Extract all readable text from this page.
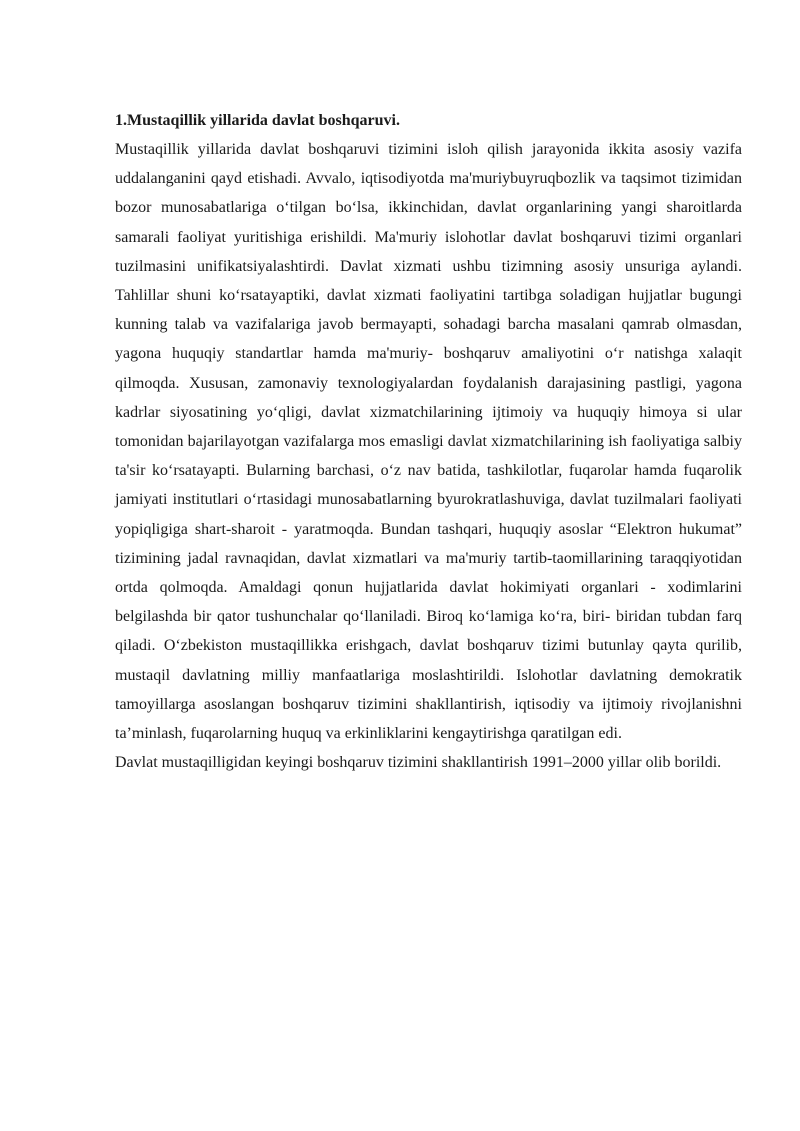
1.Mustaqillik yillarida davlat boshqaruvi.

Mustaqillik yillarida davlat boshqaruvi tizimini isloh qilish jarayonida ikkita asosiy vazifa uddalanganini qayd etishadi. Avvalo, iqtisodiyotda ma'muriybuyruqbozlik va taqsimot tizimidan bozor munosabatlariga oʻtilgan boʻlsa, ikkinchidan, davlat organlarining yangi sharoitlarda samarali faoliyat yuritishiga erishildi. Ma'muriy islohotlar davlat boshqaruvi tizimi organlari tuzilmasini unifikatsiyalashtirdi. Davlat xizmati ushbu tizimning asosiy unsuriga aylandi. Tahlillar shuni koʻrsatayaptiki, davlat xizmati faoliyatini tartibga soladigan hujjatlar bugungi kunning talab va vazifalariga javob bermayapti, sohadagi barcha masalani qamrab olmasdan, yagona huquqiy standartlar hamda ma'muriy- boshqaruv amaliyotini oʻr natishga xalaqit qilmoqda. Xususan, zamonaviy texnologiyalardan foydalanish darajasining pastligi, yagona kadrlar siyosatining yoʻqligi, davlat xizmatchilarining ijtimoiy va huquqiy himoya si ular tomonidan bajarilayotgan vazifalarga mos emasligi davlat xizmatchilarining ish faoliyatiga salbiy ta'sir koʻrsatayapti. Bularning barchasi, oʻz nav batida, tashkilotlar, fuqarolar hamda fuqarolik jamiyati institutlari oʻrtasidagi munosabatlarning byurokratlashuviga, davlat tuzilmalari faoliyati yopiqligiga shart-sharoit - yaratmoqda. Bundan tashqari, huquqiy asoslar “Elektron hukumat” tizimining jadal ravnaqidan, davlat xizmatlari va ma'muriy tartib-taomillarining taraqqiyotidan ortda qolmoqda. Amaldagi qonun hujjatlarida davlat hokimiyati organlari - xodimlarini belgilashda bir qator tushunchalar qoʻllaniladi. Biroq koʻlamiga koʻra, biri- biridan tubdan farq qiladi. Oʻzbekiston mustaqillikka erishgach, davlat boshqaruv tizimi butunlay qayta qurilib, mustaqil davlatning milliy manfaatlariga moslashtirildi. Islohotlar davlatning demokratik tamoyillarga asoslangan boshqaruv tizimini shakllantirish, iqtisodiy va ijtimoiy rivojlanishni taʼminlash, fuqarolarning huquq va erkinliklarini kengaytirishga qaratilgan edi.

Davlat mustaqilligidan keyingi boshqaruv tizimini shakllantirish 1991–2000 yillar olib borildi.
